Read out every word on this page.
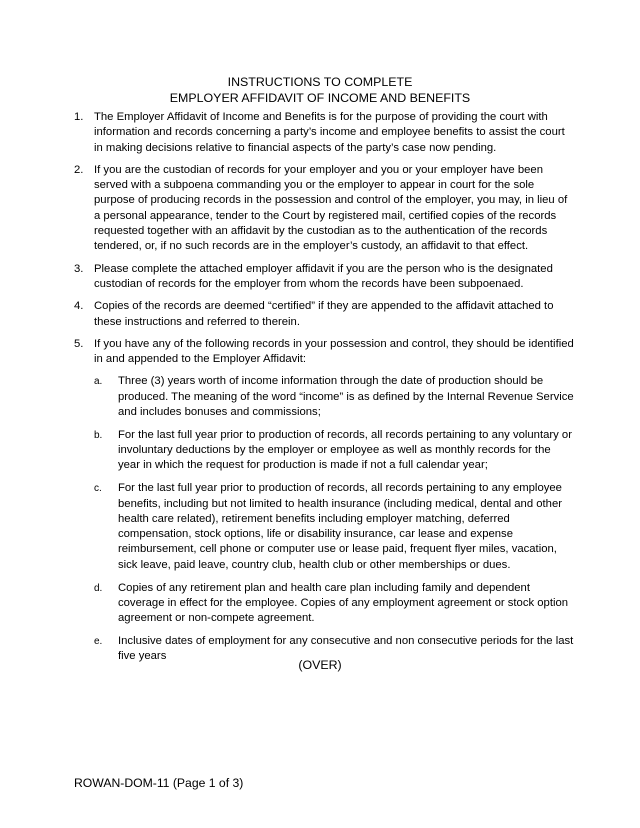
INSTRUCTIONS TO COMPLETE
EMPLOYER AFFIDAVIT OF INCOME AND BENEFITS
1. The Employer Affidavit of Income and Benefits is for the purpose of providing the court with information and records concerning a party’s income and employee benefits to assist the court in making decisions relative to financial aspects of the party’s case now pending.
2. If you are the custodian of records for your employer and you or your employer have been served with a subpoena commanding you or the employer to appear in court for the sole purpose of producing records in the possession and control of the employer, you may, in lieu of a personal appearance, tender to the Court by registered mail, certified copies of the records requested together with an affidavit by the custodian as to the authentication of the records tendered, or, if no such records are in the employer’s custody, an affidavit to that effect.
3. Please complete the attached employer affidavit if you are the person who is the designated custodian of records for the employer from whom the records have been subpoenaed.
4. Copies of the records are deemed “certified” if they are appended to the affidavit attached to these instructions and referred to therein.
5. If you have any of the following records in your possession and control, they should be identified in and appended to the Employer Affidavit:
a. Three (3) years worth of income information through the date of production should be produced. The meaning of the word “income” is as defined by the Internal Revenue Service and includes bonuses and commissions;
b. For the last full year prior to production of records, all records pertaining to any voluntary or involuntary deductions by the employer or employee as well as monthly records for the year in which the request for production is made if not a full calendar year;
c. For the last full year prior to production of records, all records pertaining to any employee benefits, including but not limited to health insurance (including medical, dental and other health care related), retirement benefits including employer matching, deferred compensation, stock options, life or disability insurance, car lease and expense reimbursement, cell phone or computer use or lease paid, frequent flyer miles, vacation, sick leave, paid leave, country club, health club or other memberships or dues.
d. Copies of any retirement plan and health care plan including family and dependent coverage in effect for the employee. Copies of any employment agreement or stock option agreement or non-compete agreement.
e. Inclusive dates of employment for any consecutive and non consecutive periods for the last five years
(OVER)
ROWAN-DOM-11 (Page 1 of 3)
